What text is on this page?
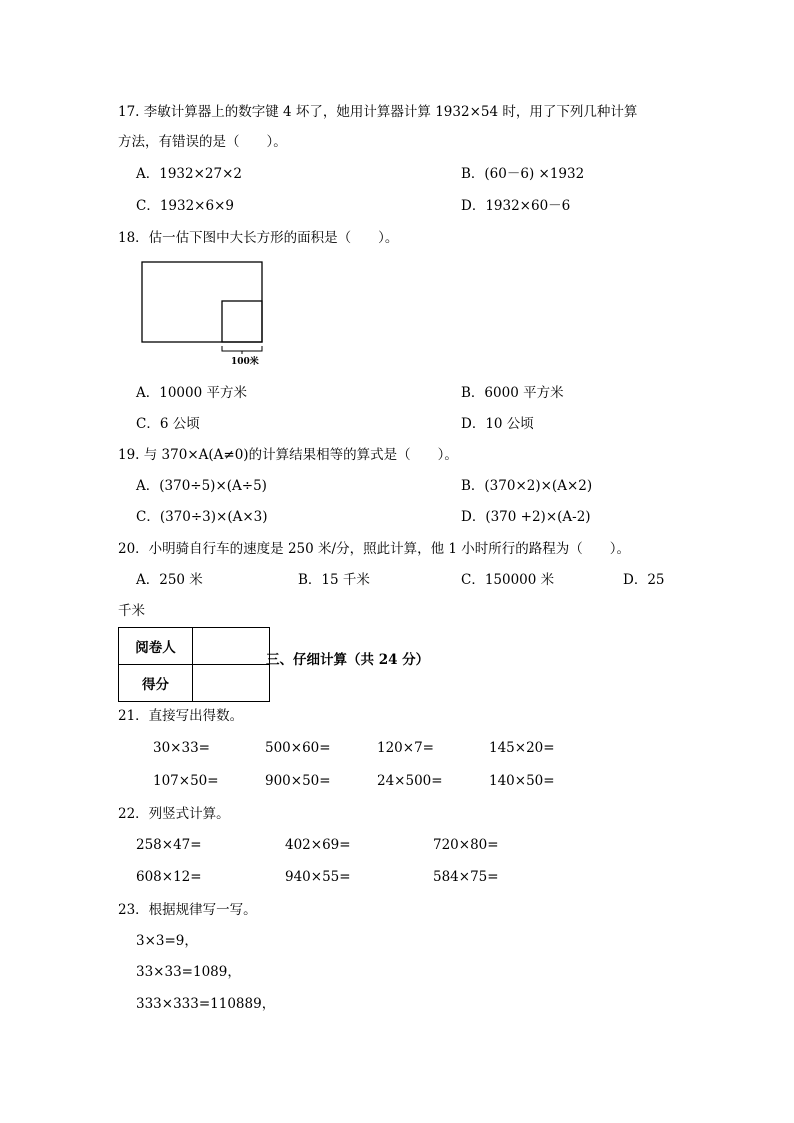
17. 李敏计算器上的数字键 4 坏了，她用计算器计算 1932×54 时，用了下列几种计算
方法，有错误的是（　　）。
A．1932×27×2	B．(60－6) ×1932
C．1932×6×9	D．1932×60－6
18．估一估下图中大长方形的面积是（　　）。
100米
A．10000 平方米	B．6000 平方米
C．6 公顷	D．10 公顷
19. 与 370×A(A≠0)的计算结果相等的算式是（　　）。
A．(370÷5)×(A÷5)	B．(370×2)×(A×2)
C．(370÷3)×(A×3)	D．(370 +2)×(A-2)
20．小明骑自行车的速度是 250 米/分，照此计算，他 1 小时所行的路程为（　　）。
A．250 米	B．15 千米	C．150000 米	D．25
千米
阅卷人	
得分	
三、仔细计算（共 24 分）
21．直接写出得数。
30×33=	500×60=	120×7=	145×20=
107×50=	900×50=	24×500=	140×50=
22．列竖式计算。
258×47=	402×69=	720×80=
608×12=	940×55=	584×75=
23．根据规律写一写。
3×3=9，
33×33=1089，
333×333=110889，
